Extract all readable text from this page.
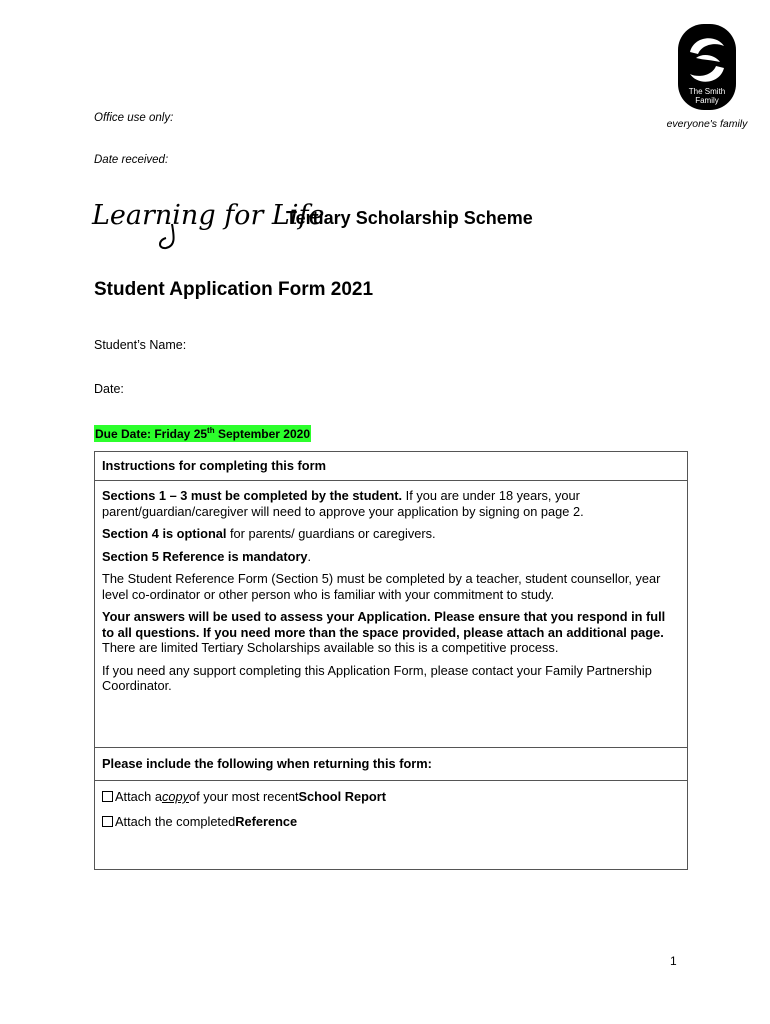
The Smith
Family
everyone's family
Office use only:
Date received:
Learning for Life
Tertiary Scholarship Scheme
Student Application Form 2021
Student’s Name:
Date:
Due Date: Friday 25th September 2020
Instructions for completing this form

Sections 1 – 3 must be completed by the student. If you are under 18 years, your parent/guardian/caregiver will need to approve your application by signing on page 2.

Section 4 is optional for parents/ guardians or caregivers.

Section 5 Reference is mandatory.

The Student Reference Form (Section 5) must be completed by a teacher, student counsellor, year level co-ordinator or other person who is familiar with your commitment to study.

Your answers will be used to assess your Application. Please ensure that you respond in full to all questions. If you need more than the space provided, please attach an additional page. There are limited Tertiary Scholarships available so this is a competitive process.

If you need any support completing this Application Form, please contact your Family Partnership Coordinator.

Please include the following when returning this form:
Attach a copy of your most recent School Report
Attach the completed Reference
1
